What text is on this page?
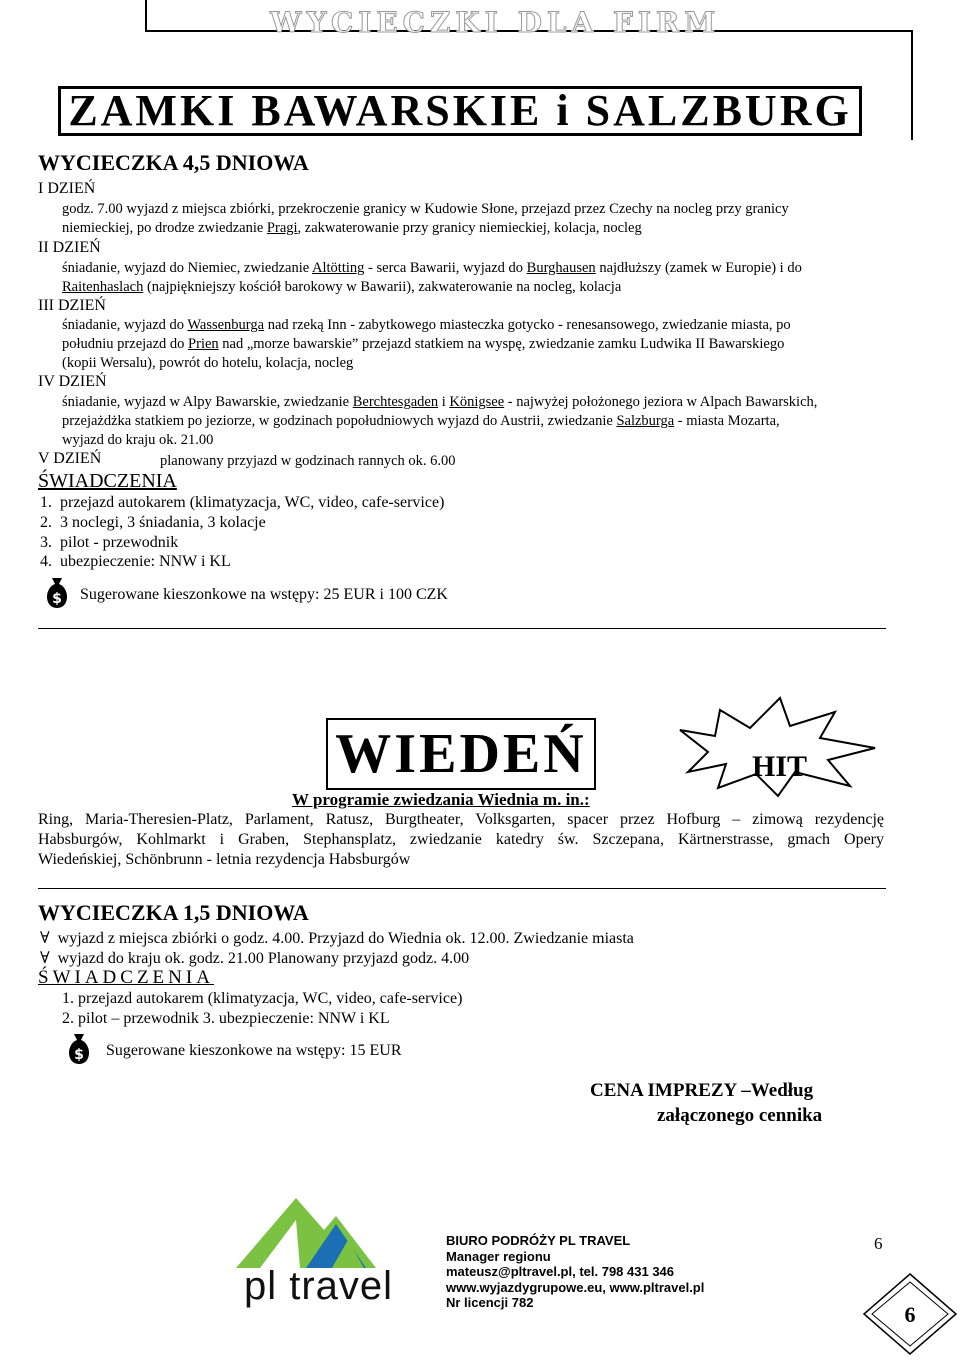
WYCIECZKI DLA FIRM
ZAMKI BAWARSKIE i SALZBURG
WYCIECZKA 4,5 DNIOWA
I DZIEŃ
godz. 7.00 wyjazd z miejsca zbiórki, przekroczenie granicy w Kudowie Słone, przejazd przez Czechy na nocleg przy granicy
niemieckiej, po drodze zwiedzanie Pragi, zakwaterowanie przy granicy niemieckiej, kolacja, nocleg
II DZIEŃ
śniadanie, wyjazd do Niemiec, zwiedzanie Altötting - serca Bawarii, wyjazd do Burghausen najdłuższy (zamek w Europie) i do
Raitenhaslach (najpiękniejszy kościół barokowy w Bawarii), zakwaterowanie na nocleg, kolacja
III DZIEŃ
śniadanie, wyjazd do Wassenburga nad rzeką Inn - zabytkowego miasteczka gotycko - renesansowego, zwiedzanie miasta, po
południu przejazd do Prien nad „morze bawarskie” przejazd statkiem na wyspę, zwiedzanie zamku Ludwika II Bawarskiego
(kopii Wersalu), powrót do hotelu, kolacja, nocleg
IV DZIEŃ
śniadanie, wyjazd w Alpy Bawarskie, zwiedzanie Berchtesgaden i Königsee - najwyżej położonego jeziora w Alpach Bawarskich,
przejażdżka statkiem po jeziorze, w godzinach popołudniowych wyjazd do Austrii, zwiedzanie Salzburga - miasta Mozarta,
wyjazd do kraju ok. 21.00
V DZIEŃ	planowany przyjazd w godzinach rannych ok. 6.00
ŚWIADCZENIA
1.  przejazd autokarem (klimatyzacja, WC, video, cafe-service)
2.  3 noclegi, 3 śniadania, 3 kolacje
3.  pilot - przewodnik
4.  ubezpieczenie: NNW i KL
$ Sugerowane kieszonkowe na wstępy: 25 EUR i 100 CZK
WIEDEŃ	HIT
W programie zwiedzania Wiednia m. in.:
Ring, Maria-Theresien-Platz, Parlament, Ratusz, Burgtheater, Volksgarten, spacer przez Hofburg – zimową rezydencję
Habsburgów, Kohlmarkt i Graben, Stephansplatz, zwiedzanie katedry św. Szczepana, Kärtnerstrasse, gmach Opery
Wiedeńskiej, Schönbrunn - letnia rezydencja Habsburgów
WYCIECZKA 1,5 DNIOWA
∀ wyjazd z miejsca zbiórki o godz. 4.00. Przyjazd do Wiednia ok. 12.00. Zwiedzanie miasta
∀ wyjazd do kraju ok. godz. 21.00 Planowany przyjazd godz. 4.00
ŚWIADCZENIA
1. przejazd autokarem (klimatyzacja, WC, video, cafe-service)
2. pilot – przewodnik 3. ubezpieczenie: NNW i KL
$ Sugerowane kieszonkowe na wstępy: 15 EUR
CENA IMPREZY –Według
załączonego cennika
pl travel
BIURO PODRÓŻY PL TRAVEL
Manager regionu
mateusz@pltravel.pl, tel. 798 431 346
www.wyjazdygrupowe.eu, www.pltravel.pl
Nr licencji 782
6
6
